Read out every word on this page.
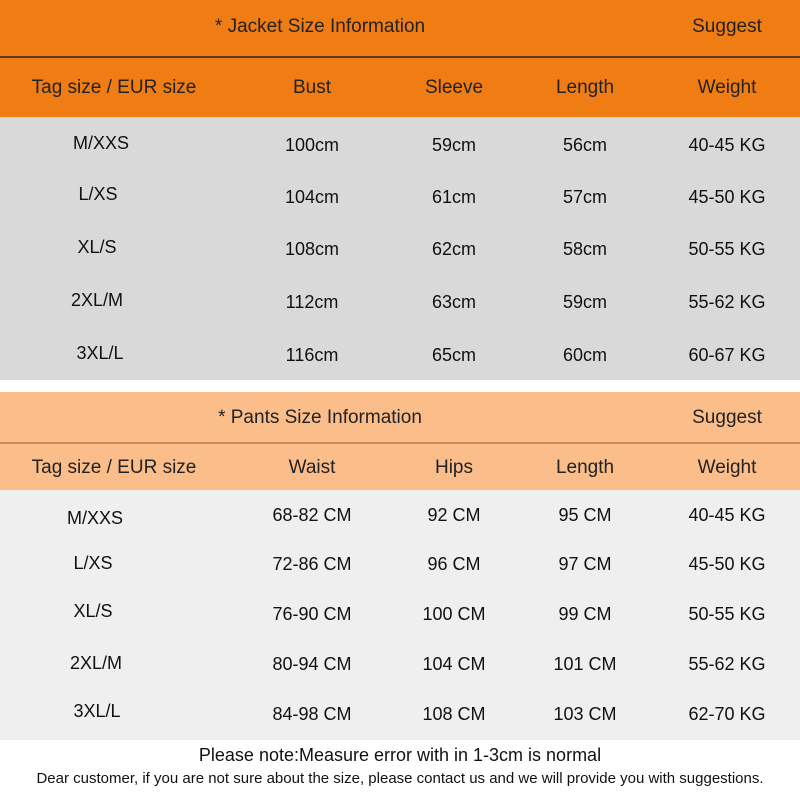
* Jacket Size Information	Suggest
Tag size / EUR size	Bust	Sleeve	Length	Weight
M/XXS	100cm	59cm	56cm	40-45 KG
L/XS	104cm	61cm	57cm	45-50 KG
XL/S	108cm	62cm	58cm	50-55 KG
2XL/M	112cm	63cm	59cm	55-62 KG
3XL/L	116cm	65cm	60cm	60-67 KG
* Pants Size Information	Suggest
Tag size / EUR size	Waist	Hips	Length	Weight
M/XXS	68-82 CM	92 CM	95 CM	40-45 KG
L/XS	72-86 CM	96 CM	97 CM	45-50 KG
XL/S	76-90 CM	100 CM	99 CM	50-55 KG
2XL/M	80-94 CM	104 CM	101 CM	55-62 KG
3XL/L	84-98 CM	108 CM	103 CM	62-70 KG
Please note:Measure error with in 1-3cm is normal
Dear customer, if you are not sure about the size, please contact us and we will provide you with suggestions.
